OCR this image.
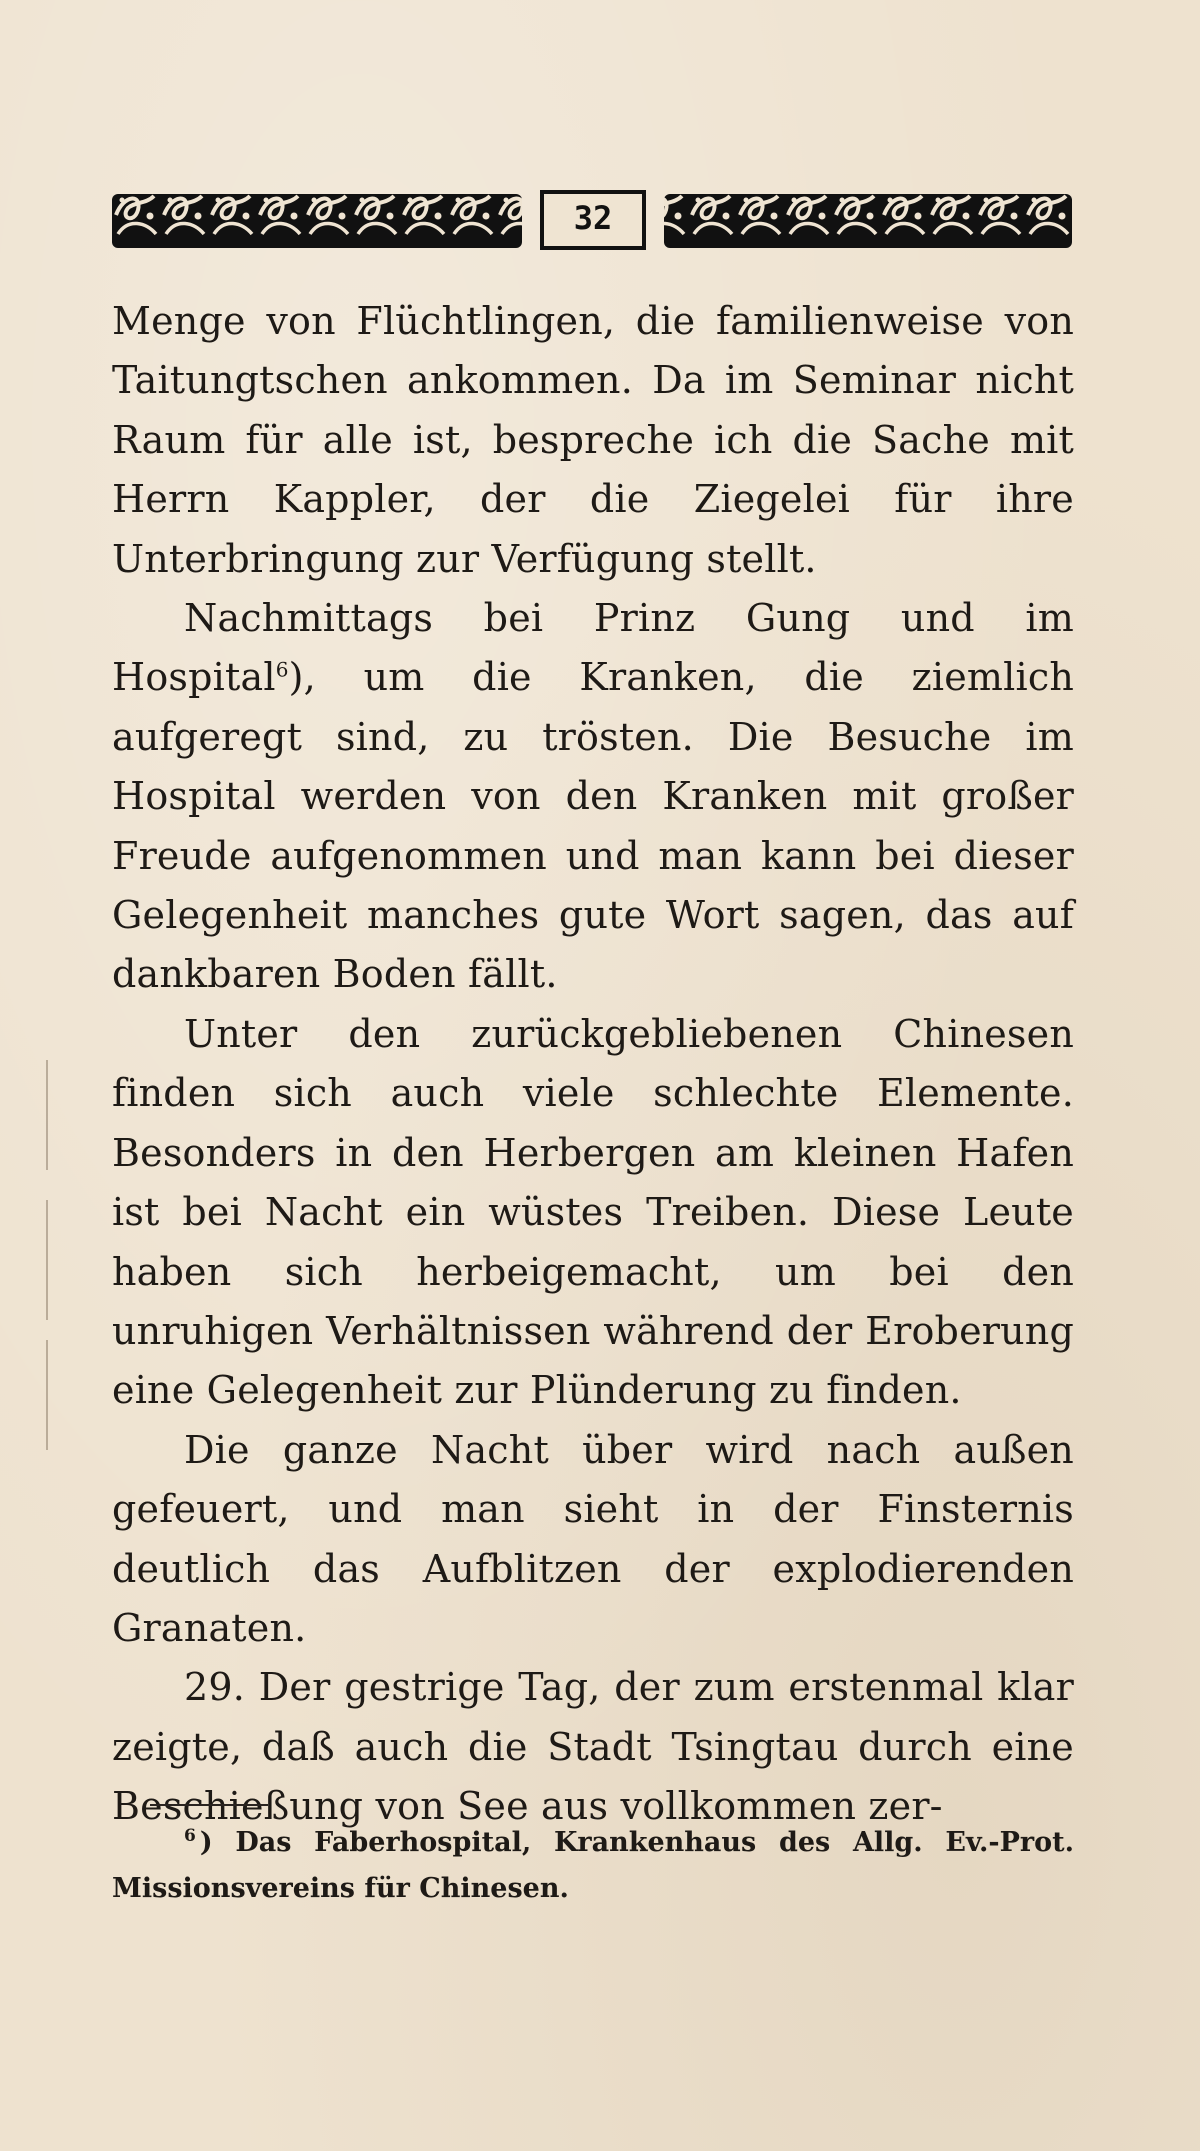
32

Menge von Flüchtlingen, die familienweise von Taitungtschen ankommen. Da im Seminar nicht Raum für alle ist, bespreche ich die Sache mit Herrn Kappler, der die Ziegelei für ihre Unterbringung zur Verfügung stellt.

Nachmittags bei Prinz Gung und im Hospital$^6$), um die Kranken, die ziemlich aufgeregt sind, zu trösten. Die Besuche im Hospital werden von den Kranken mit großer Freude aufgenommen und man kann bei dieser Gelegenheit manches gute Wort sagen, das auf dankbaren Boden fällt.

Unter den zurückgebliebenen Chinesen finden sich auch viele schlechte Elemente. Besonders in den Herbergen am kleinen Hafen ist bei Nacht ein wüstes Treiben. Diese Leute haben sich herbeigemacht, um bei den unruhigen Verhältnissen während der Eroberung eine Gelegenheit zur Plünderung zu finden.

Die ganze Nacht über wird nach außen gefeuert, und man sieht in der Finsternis deutlich das Aufblitzen der explodierenden Granaten.

29. Der gestrige Tag, der zum erstenmal klar zeigte, daß auch die Stadt Tsingtau durch eine Beschießung von See aus vollkommen zer-

$^6$ ) Das Faberhospital, Krankenhaus des Allg. Ev.-Prot. Missionsvereins für Chinesen.
